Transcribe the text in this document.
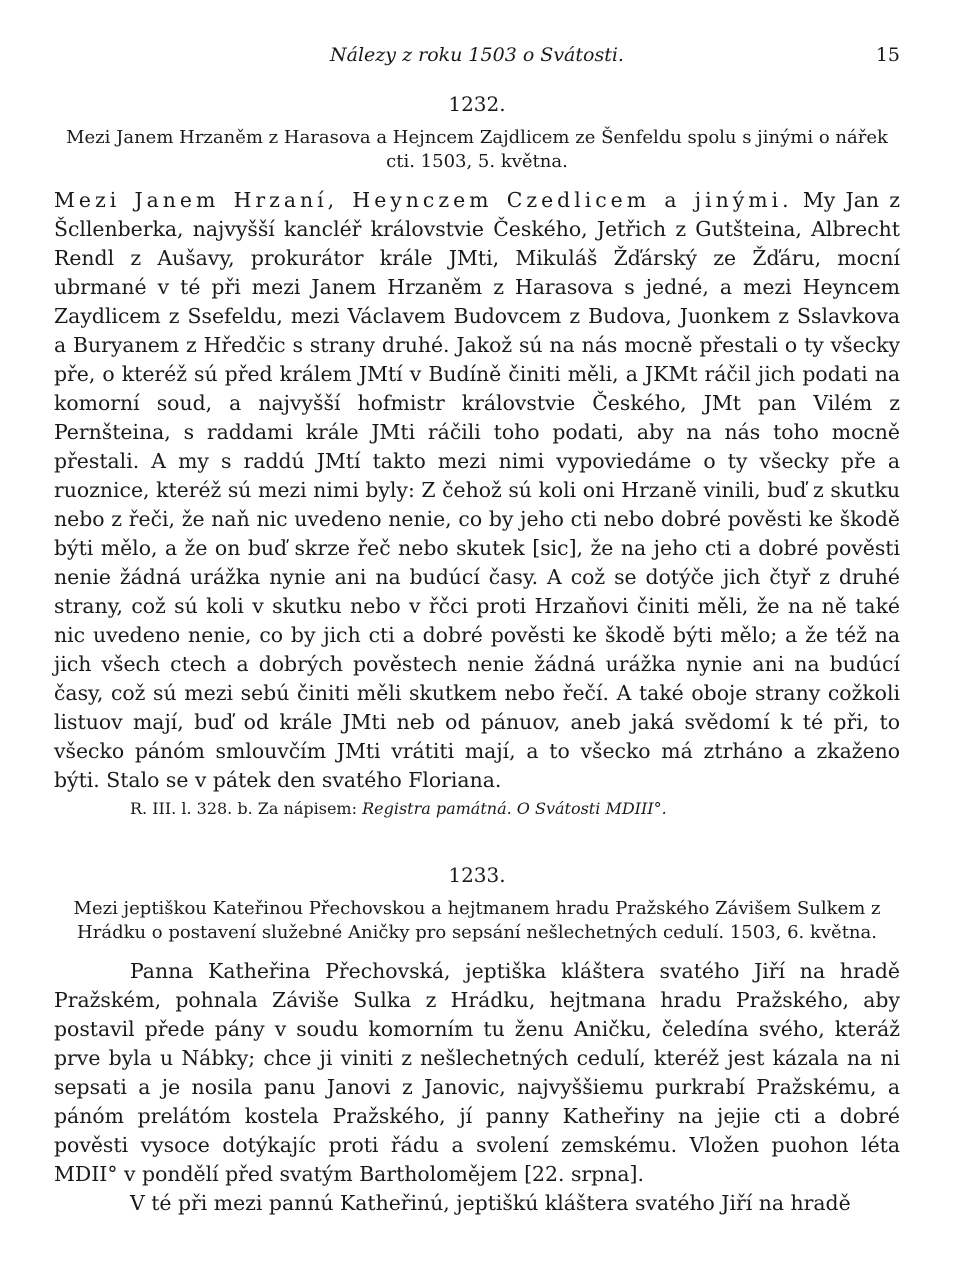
Nálezy z roku 1503 o Svátosti.	15
1232.

Mezi Janem Hrzaněm z Harasova a Hejncem Zajdlicem ze Šenfeldu spolu s jinými o nářek cti. 1503, 5. května.

Mezi Janem Hrzaní, Heynczem Czedlicem a jinými. My Jan z Šcllenberka, najvyšší kancléř královstvie Českého, Jetřich z Gutšteina, Albrecht Rendl z Aušavy, prokurátor krále JMti, Mikuláš Žďárský ze Žďáru, mocní ubrmané v té při mezi Janem Hrzaněm z Harasova s jedné, a mezi Heyncem Zaydlicem z Ssefeldu, mezi Václavem Budovcem z Budova, Juonkem z Sslavkova a Buryanem z Hředčic s strany druhé. Jakož sú na nás mocně přestali o ty všecky pře, o kteréž sú před králem JMtí v Budíně činiti měli, a JKMt ráčil jich podati na komorní soud, a najvyšší hofmistr královstvie Českého, JMt pan Vilém z Pernšteina, s raddami krále JMti ráčili toho podati, aby na nás toho mocně přestali. A my s raddú JMtí takto mezi nimi vypoviedáme o ty všecky pře a ruoznice, kteréž sú mezi nimi byly: Z čehož sú koli oni Hrzaně vinili, buď z skutku nebo z řeči, že naň nic uvedeno nenie, co by jeho cti nebo dobré pověsti ke škodě býti mělo, a že on buď skrze řeč nebo skutek [sic], že na jeho cti a dobré pověsti nenie žádná urážka nynie ani na budúcí časy. A což se dotýče jich čtyř z druhé strany, což sú koli v skutku nebo v řčci proti Hrzaňovi činiti měli, že na ně také nic uvedeno nenie, co by jich cti a dobré pověsti ke škodě býti mělo; a že též na jich všech ctech a dobrých pověstech nenie žádná urážka nynie ani na budúcí časy, což sú mezi sebú činiti měli skutkem nebo řečí. A také oboje strany cožkoli listuov mají, buď od krále JMti neb od pánuov, aneb jaká svědomí k té při, to všecko pánóm smlouvčím JMti vrátiti mají, a to všecko má ztrháno a zkaženo býti. Stalo se v pátek den svatého Floriana.

R. III. l. 328. b. Za nápisem: Registra památná. O Svátosti MDIII°.
1233.

Mezi jeptiškou Kateřinou Přechovskou a hejtmanem hradu Pražského Závišem Sulkem z Hrádku o postavení služebné Aničky pro sepsání nešlechetných cedulí. 1503, 6. května.

Panna Katheřina Přechovská, jeptiška kláštera svatého Jiří na hradě Pražském, pohnala Záviše Sulka z Hrádku, hejtmana hradu Pražského, aby postavil přede pány v soudu komorním tu ženu Aničku, čeledína svého, kteráž prve byla u Nábky; chce ji viniti z nešlechetných cedulí, kteréž jest kázala na ni sepsati a je nosila panu Janovi z Janovic, najvyššiemu purkrabí Pražskému, a pánóm prelátóm kostela Pražského, jí panny Katheřiny na jejie cti a dobré pověsti vysoce dotýkajíc proti řádu a svolení zemskému. Vložen puohon léta MDII° v pondělí před svatým Bartholomějem [22. srpna].

V té při mezi pannú Katheřinú, jeptiškú kláštera svatého Jiří na hradě
